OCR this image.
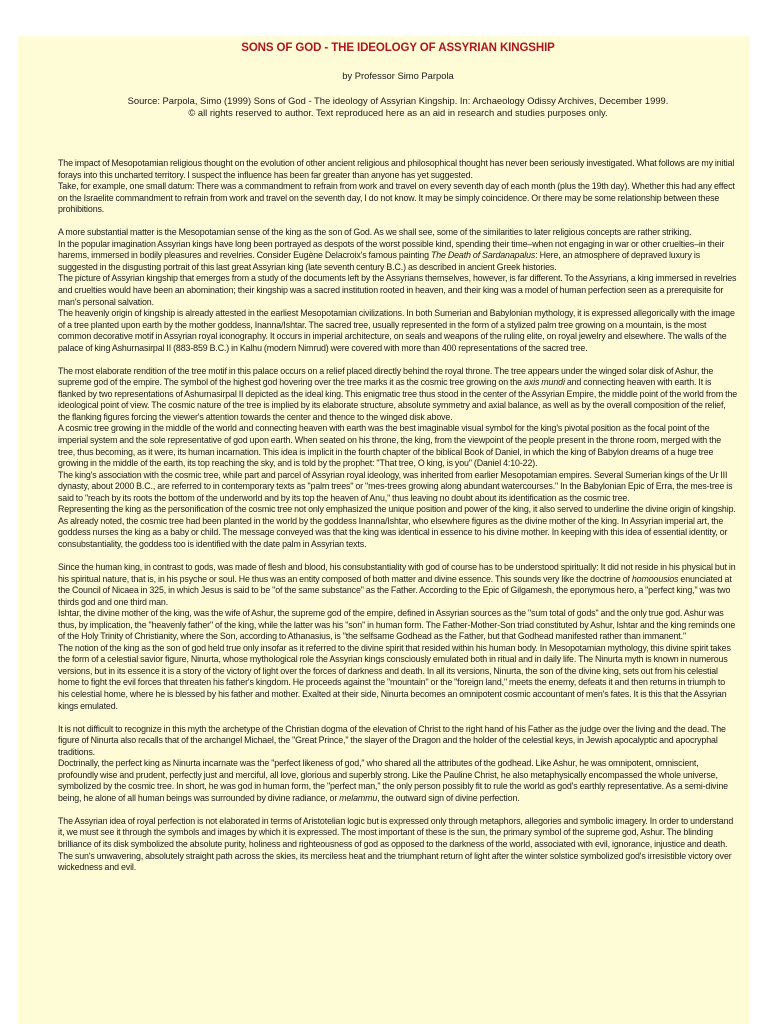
SONS OF GOD - THE IDEOLOGY OF ASSYRIAN KINGSHIP
by Professor Simo Parpola
Source: Parpola, Simo (1999) Sons of God - The ideology of Assyrian Kingship. In: Archaeology Odissy Archives, December 1999.
© all rights reserved to author. Text reproduced here as an aid in research and studies purposes only.

The impact of Mesopotamian religious thought on the evolution of other ancient religious and philosophical thought has never been seriously investigated. What follows are my initial forays into this uncharted territory. I suspect the influence has been far greater than anyone has yet suggested.

Take, for example, one small datum: There was a commandment to refrain from work and travel on every seventh day of each month (plus the 19th day). Whether this had any effect on the Israelite commandment to refrain from work and travel on the seventh day, I do not know. It may be simply coincidence. Or there may be some relationship between these prohibitions.

A more substantial matter is the Mesopotamian sense of the king as the son of God. As we shall see, some of the similarities to later religious concepts are rather striking.

In the popular imagination Assyrian kings have long been portrayed as despots of the worst possible kind, spending their time–when not engaging in war or other cruelties–in their harems, immersed in bodily pleasures and revelries. Consider Eugène Delacroix's famous painting The Death of Sardanapalus: Here, an atmosphere of depraved luxury is suggested in the disgusting portrait of this last great Assyrian king (late seventh century B.C.) as described in ancient Greek histories.

The picture of Assyrian kingship that emerges from a study of the documents left by the Assyrians themselves, however, is far different. To the Assyrians, a king immersed in revelries and cruelties would have been an abomination; their kingship was a sacred institution rooted in heaven, and their king was a model of human perfection seen as a prerequisite for man's personal salvation.

The heavenly origin of kingship is already attested in the earliest Mesopotamian civilizations. In both Sumerian and Babylonian mythology, it is expressed allegorically with the image of a tree planted upon earth by the mother goddess, Inanna/Ishtar. The sacred tree, usually represented in the form of a stylized palm tree growing on a mountain, is the most common decorative motif in Assyrian royal iconography. It occurs in imperial architecture, on seals and weapons of the ruling elite, on royal jewelry and elsewhere. The walls of the palace of king Ashurnasirpal II (883-859 B.C.) in Kalhu (modern Nimrud) were covered with more than 400 representations of the sacred tree.

The most elaborate rendition of the tree motif in this palace occurs on a relief placed directly behind the royal throne. The tree appears under the winged solar disk of Ashur, the supreme god of the empire. The symbol of the highest god hovering over the tree marks it as the cosmic tree growing on the axis mundi and connecting heaven with earth. It is flanked by two representations of Ashurnasirpal II depicted as the ideal king. This enigmatic tree thus stood in the center of the Assyrian Empire, the middle point of the world from the ideological point of view. The cosmic nature of the tree is implied by its elaborate structure, absolute symmetry and axial balance, as well as by the overall composition of the relief, the flanking figures forcing the viewer's attention towards the center and thence to the winged disk above.

A cosmic tree growing in the middle of the world and connecting heaven with earth was the best imaginable visual symbol for the king's pivotal position as the focal point of the imperial system and the sole representative of god upon earth. When seated on his throne, the king, from the viewpoint of the people present in the throne room, merged with the tree, thus becoming, as it were, its human incarnation. This idea is implicit in the fourth chapter of the biblical Book of Daniel, in which the king of Babylon dreams of a huge tree growing in the middle of the earth, its top reaching the sky, and is told by the prophet: "That tree, O king, is you" (Daniel 4:10-22).

The king's association with the cosmic tree, while part and parcel of Assyrian royal ideology, was inherited from earlier Mesopotamian empires. Several Sumerian kings of the Ur III dynasty, about 2000 B.C., are referred to in contemporary texts as "palm trees" or "mes-trees growing along abundant watercourses." In the Babylonian Epic of Erra, the mes-tree is said to "reach by its roots the bottom of the underworld and by its top the heaven of Anu," thus leaving no doubt about its identification as the cosmic tree.

Representing the king as the personification of the cosmic tree not only emphasized the unique position and power of the king, it also served to underline the divine origin of kingship.

As already noted, the cosmic tree had been planted in the world by the goddess Inanna/Ishtar, who elsewhere figures as the divine mother of the king. In Assyrian imperial art, the goddess nurses the king as a baby or child. The message conveyed was that the king was identical in essence to his divine mother. In keeping with this idea of essential identity, or consubstantiality, the goddess too is identified with the date palm in Assyrian texts.

Since the human king, in contrast to gods, was made of flesh and blood, his consubstantiality with god of course has to be understood spiritually: It did not reside in his physical but in his spiritual nature, that is, in his psyche or soul. He thus was an entity composed of both matter and divine essence. This sounds very like the doctrine of homoousios enunciated at the Council of Nicaea in 325, in which Jesus is said to be "of the same substance" as the Father. According to the Epic of Gilgamesh, the eponymous hero, a "perfect king," was two thirds god and one third man.

Ishtar, the divine mother of the king, was the wife of Ashur, the supreme god of the empire, defined in Assyrian sources as the "sum total of gods" and the only true god. Ashur was thus, by implication, the "heavenly father" of the king, while the latter was his "son" in human form. The Father-Mother-Son triad constituted by Ashur, Ishtar and the king reminds one of the Holy Trinity of Christianity, where the Son, according to Athanasius, is "the selfsame Godhead as the Father, but that Godhead manifested rather than immanent."

The notion of the king as the son of god held true only insofar as it referred to the divine spirit that resided within his human body. In Mesopotamian mythology, this divine spirit takes the form of a celestial savior figure, Ninurta, whose mythological role the Assyrian kings consciously emulated both in ritual and in daily life. The Ninurta myth is known in numerous versions, but in its essence it is a story of the victory of light over the forces of darkness and death. In all its versions, Ninurta, the son of the divine king, sets out from his celestial home to fight the evil forces that threaten his father's kingdom. He proceeds against the "mountain" or the "foreign land," meets the enemy, defeats it and then returns in triumph to his celestial home, where he is blessed by his father and mother. Exalted at their side, Ninurta becomes an omnipotent cosmic accountant of men's fates. It is this that the Assyrian kings emulated.

It is not difficult to recognize in this myth the archetype of the Christian dogma of the elevation of Christ to the right hand of his Father as the judge over the living and the dead. The figure of Ninurta also recalls that of the archangel Michael, the "Great Prince," the slayer of the Dragon and the holder of the celestial keys, in Jewish apocalyptic and apocryphal traditions.

Doctrinally, the perfect king as Ninurta incarnate was the "perfect likeness of god," who shared all the attributes of the godhead. Like Ashur, he was omnipotent, omniscient, profoundly wise and prudent, perfectly just and merciful, all love, glorious and superbly strong. Like the Pauline Christ, he also metaphysically encompassed the whole universe, symbolized by the cosmic tree. In short, he was god in human form, the "perfect man," the only person possibly fit to rule the world as god's earthly representative. As a semi-divine being, he alone of all human beings was surrounded by divine radiance, or melammu, the outward sign of divine perfection.

The Assyrian idea of royal perfection is not elaborated in terms of Aristotelian logic but is expressed only through metaphors, allegories and symbolic imagery. In order to understand it, we must see it through the symbols and images by which it is expressed. The most important of these is the sun, the primary symbol of the supreme god, Ashur. The blinding brilliance of its disk symbolized the absolute purity, holiness and righteousness of god as opposed to the darkness of the world, associated with evil, ignorance, injustice and death. The sun's unwavering, absolutely straight path across the skies, its merciless heat and the triumphant return of light after the winter solstice symbolized god's irresistible victory over wickedness and evil.
